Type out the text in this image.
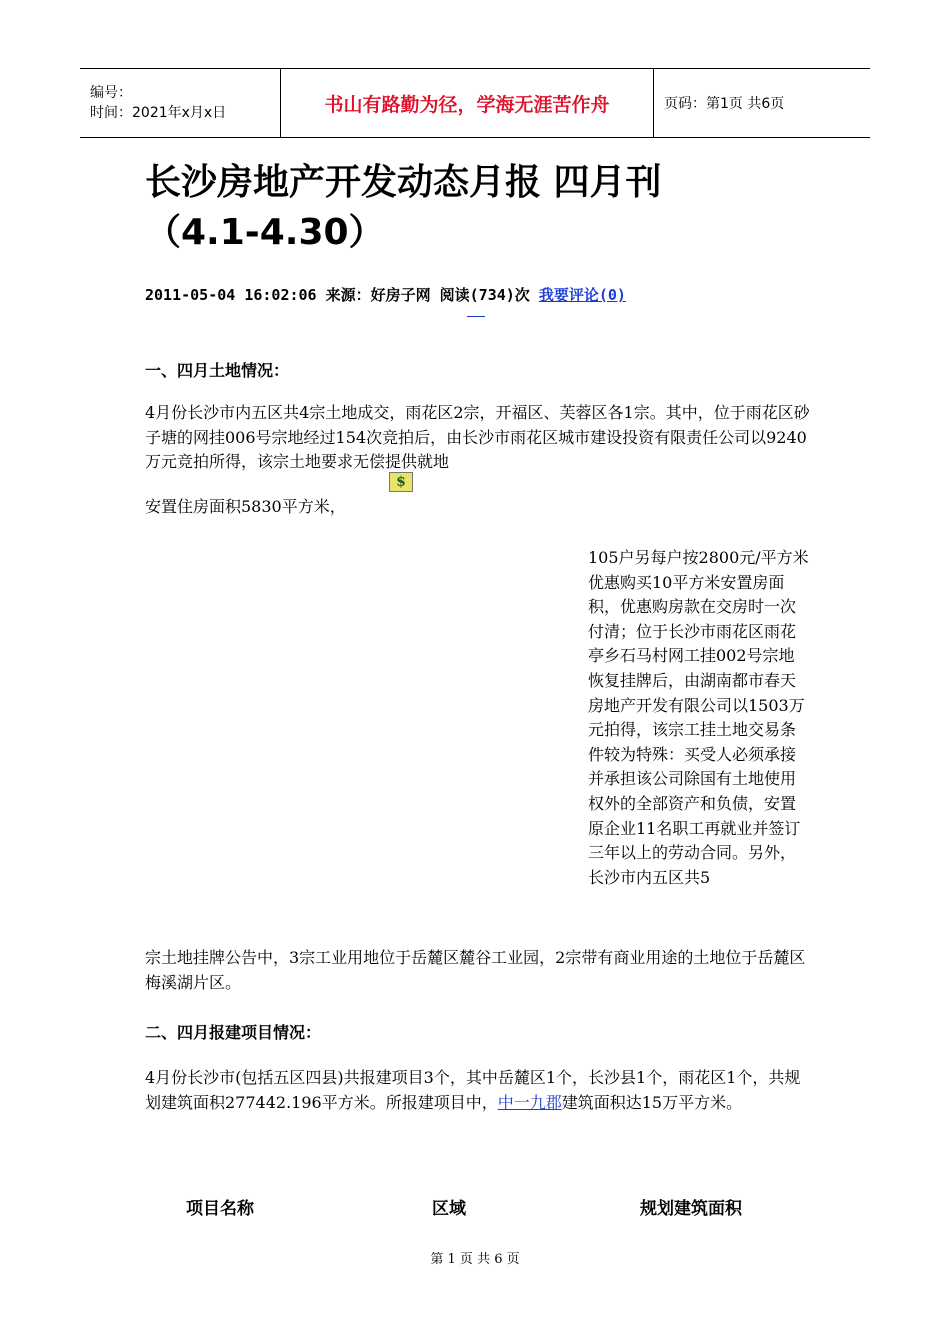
编号：
时间：2021年x月x日	书山有路勤为径，学海无涯苦作舟	页码：第1页 共6页
长沙房地产开发动态月报 四月刊
（4.1-4.30）
2011-05-04 16:02:06 来源：好房子网 阅读(734)次 我要评论(0)
一、四月土地情况：
4月份长沙市内五区共4宗土地成交，雨花区2宗，开福区、芙蓉区各1宗。其中，位于雨花区砂子塘的网挂006号宗地经过154次竞拍后，由长沙市雨花区城市建设投资有限责任公司以9240万元竞拍所得，该宗土地要求无偿提供就地
$
安置住房面积5830平方米，
105户另每户按2800元/平方米优惠购买10平方米安置房面积，优惠购房款在交房时一次付清；位于长沙市雨花区雨花亭乡石马村网工挂002号宗地恢复挂牌后，由湖南都市春天房地产开发有限公司以1503万元拍得，该宗工挂土地交易条件较为特殊：买受人必须承接并承担该公司除国有土地使用权外的全部资产和负债，安置原企业11名职工再就业并签订三年以上的劳动合同。另外，长沙市内五区共5
宗土地挂牌公告中，3宗工业用地位于岳麓区麓谷工业园，2宗带有商业用途的土地位于岳麓区梅溪湖片区。
二、四月报建项目情况：
4月份长沙市(包括五区四县)共报建项目3个，其中岳麓区1个，长沙县1个，雨花区1个，共规划建筑面积277442.196平方米。所报建项目中，中一九郡建筑面积达15万平方米。
项目名称	区域	规划建筑面积
第 1 页 共 6 页
